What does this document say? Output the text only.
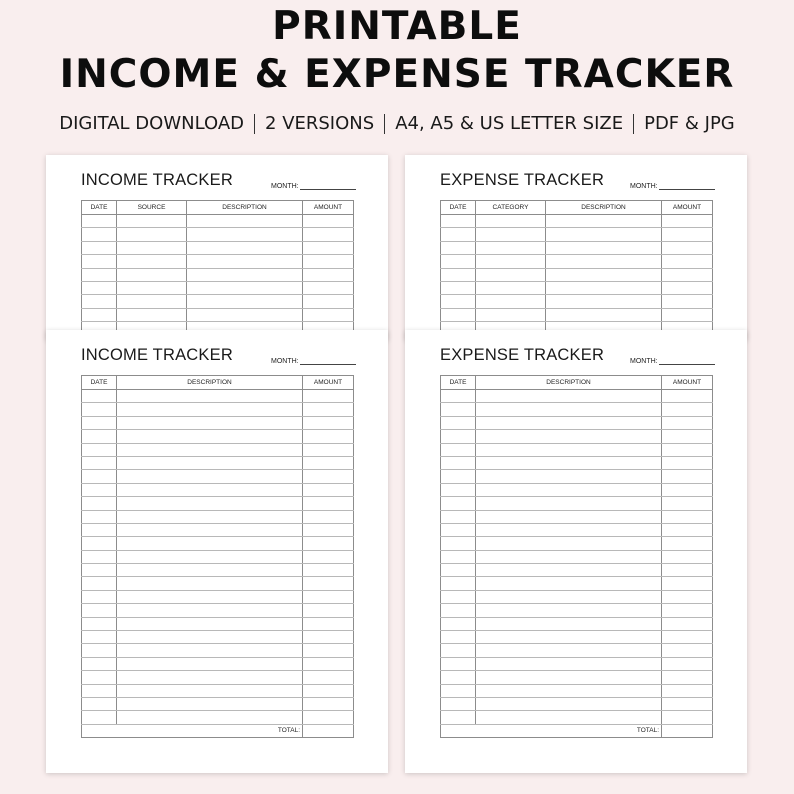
PRINTABLE
INCOME & EXPENSE TRACKER
DIGITAL DOWNLOAD 2 VERSIONS A4, A5 & US LETTER SIZE PDF & JPG
INCOME TRACKER	MONTH:
DATE	SOURCE	DESCRIPTION	AMOUNT

EXPENSE TRACKER	MONTH:
DATE	CATEGORY	DESCRIPTION	AMOUNT

INCOME TRACKER	MONTH:
DATE	DESCRIPTION	AMOUNT

TOTAL:		
EXPENSE TRACKER	MONTH:
DATE	DESCRIPTION	AMOUNT

TOTAL:		
